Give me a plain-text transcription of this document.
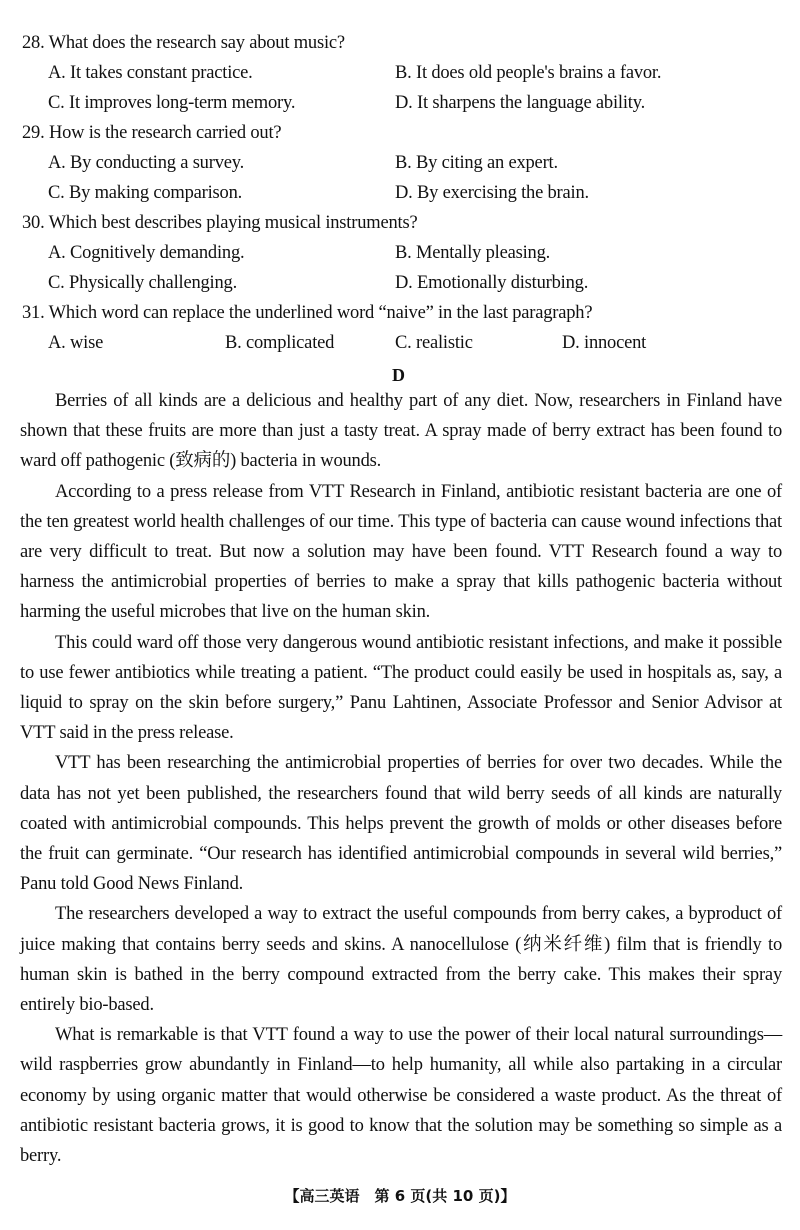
28. What does the research say about music?
A. It takes constant practice.	B. It does old people's brains a favor.
C. It improves long-term memory.	D. It sharpens the language ability.
29. How is the research carried out?
A. By conducting a survey.	B. By citing an expert.
C. By making comparison.	D. By exercising the brain.
30. Which best describes playing musical instruments?
A. Cognitively demanding.	B. Mentally pleasing.
C. Physically challenging.	D. Emotionally disturbing.
31. Which word can replace the underlined word “naive” in the last paragraph?
A. wise	B. complicated	C. realistic	D. innocent
D

Berries of all kinds are a delicious and healthy part of any diet. Now, researchers in Finland have shown that these fruits are more than just a tasty treat. A spray made of berry extract has been found to ward off pathogenic (致病的) bacteria in wounds.

According to a press release from VTT Research in Finland, antibiotic resistant bacteria are one of the ten greatest world health challenges of our time. This type of bacteria can cause wound infections that are very difficult to treat. But now a solution may have been found. VTT Research found a way to harness the antimicrobial properties of berries to make a spray that kills pathogenic bacteria without harming the useful microbes that live on the human skin.

This could ward off those very dangerous wound antibiotic resistant infections, and make it possible to use fewer antibiotics while treating a patient. “The product could easily be used in hospitals as, say, a liquid to spray on the skin before surgery,” Panu Lahtinen, Associate Professor and Senior Advisor at VTT said in the press release.

VTT has been researching the antimicrobial properties of berries for over two decades. While the data has not yet been published, the researchers found that wild berry seeds of all kinds are naturally coated with antimicrobial compounds. This helps prevent the growth of molds or other diseases before the fruit can germinate. “Our research has identified antimicrobial compounds in several wild berries,” Panu told Good News Finland.

The researchers developed a way to extract the useful compounds from berry cakes, a byproduct of juice making that contains berry seeds and skins. A nanocellulose (纳米纤维) film that is friendly to human skin is bathed in the berry compound extracted from the berry cake. This makes their spray entirely bio-based.

What is remarkable is that VTT found a way to use the power of their local natural surroundings—wild raspberries grow abundantly in Finland—to help humanity, all while also partaking in a circular economy by using organic matter that would otherwise be considered a waste product. As the threat of antibiotic resistant bacteria grows, it is good to know that the solution may be something so simple as a berry.

【高三英语　第 6 页(共 10 页)】
